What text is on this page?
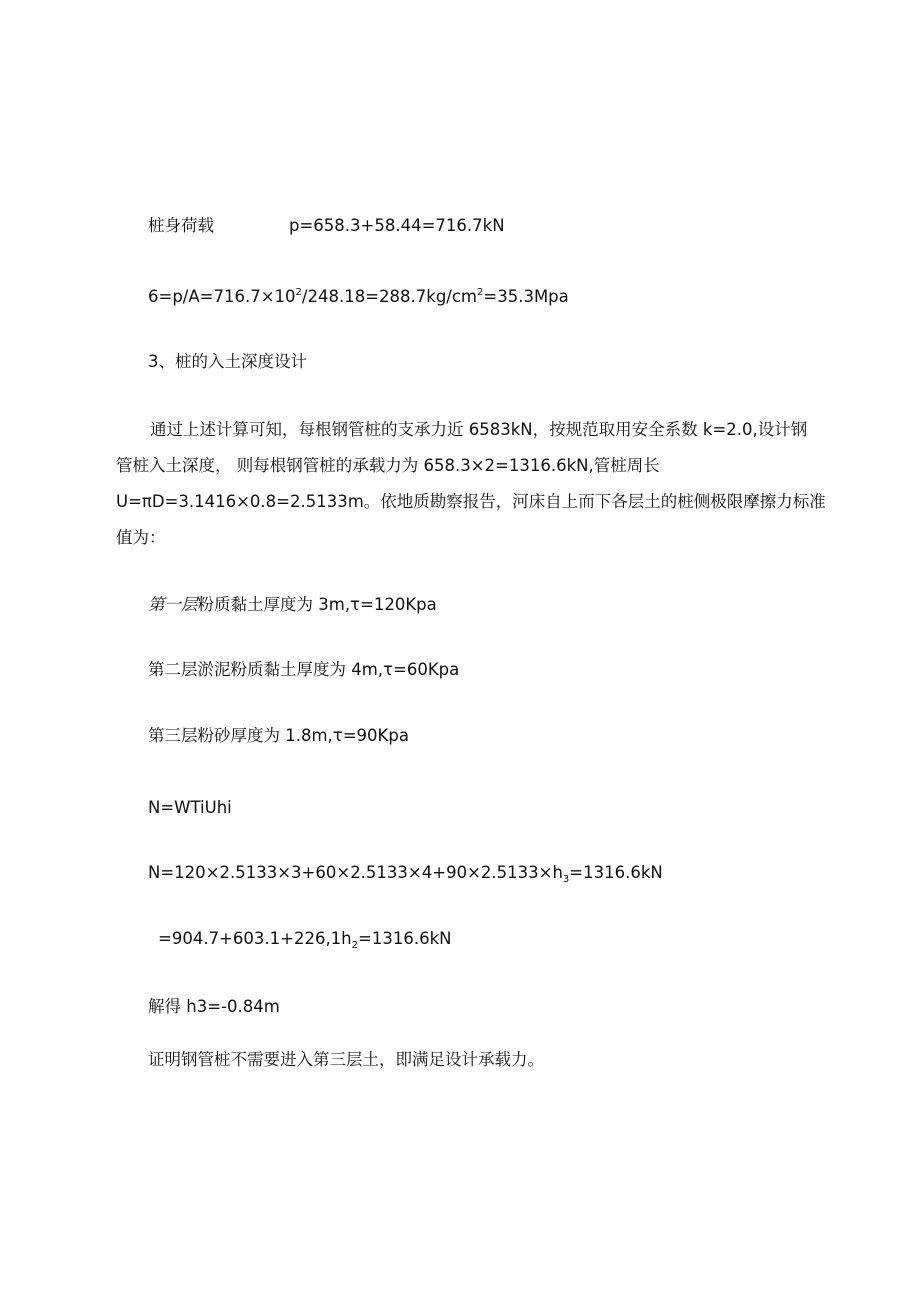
桩身荷载	p=658.3+58.44=716.7kN
$6=p/A=716.7\times 10^2/248.18=288.7kg/cm^2=35.3Mpa$
3、桩的入土深度设计
通过上述计算可知，每根钢管桩的支承力近 6583kN，按规范取用安全系数 k=2.0,设计钢
管桩入土深度， 则每根钢管桩的承载力为 658.3×2=1316.6kN,管桩周长
U=πD=3.1416×0.8=2.5133m。依地质勘察报告，河床自上而下各层土的桩侧极限摩擦力标准
值为：
第一层粉质黏土厚度为 3m,τ=120Kpa
第二层淤泥粉质黏土厚度为 4m,τ=60Kpa
第三层粉砂厚度为 1.8m,τ=90Kpa
N=WTiUhi
$N=120\times 2.5133\times 3+60\times 2.5133\times 4+90\times 2.5133\times h_3=1316.6kN$
$=904.7+603.1+226,1h_2=1316.6kN$
解得 h3=-0.84m
证明钢管桩不需要进入第三层土，即满足设计承载力。
